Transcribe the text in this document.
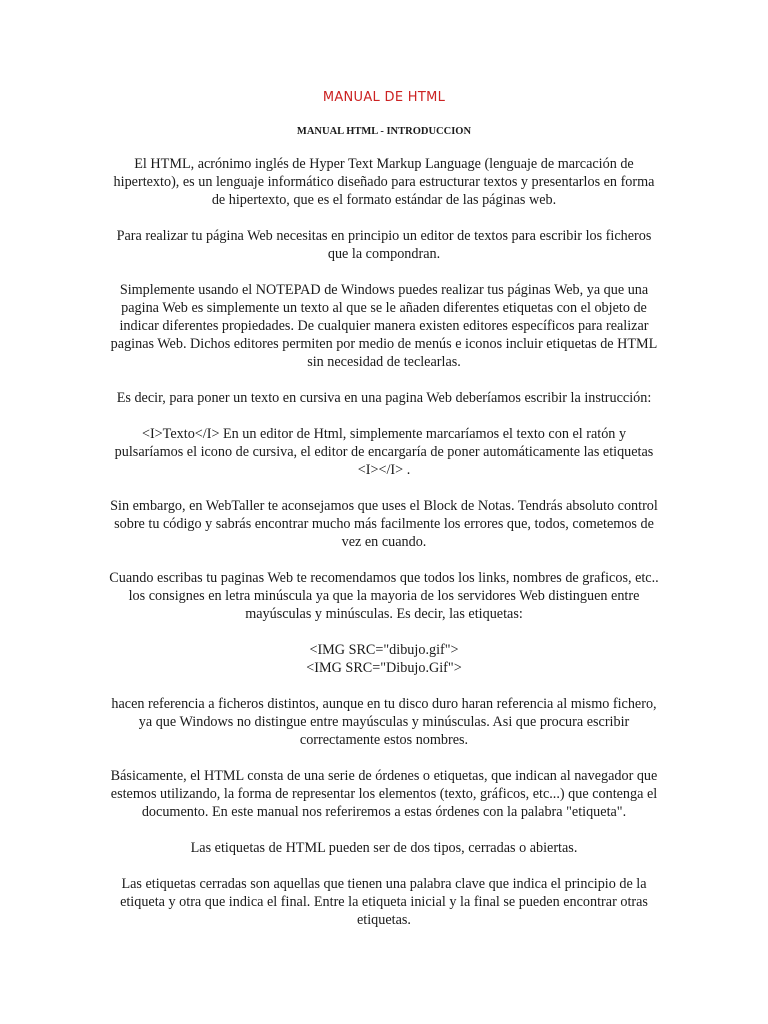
MANUAL DE HTML
MANUAL HTML - INTRODUCCION

El HTML, acrónimo inglés de Hyper Text Markup Language (lenguaje de marcación de hipertexto), es un lenguaje informático diseñado para estructurar textos y presentarlos en forma de hipertexto, que es el formato estándar de las páginas web.

Para realizar tu página Web necesitas en principio un editor de textos para escribir los ficheros que la compondran.

Simplemente usando el NOTEPAD de Windows puedes realizar tus páginas Web, ya que una pagina Web es simplemente un texto al que se le añaden diferentes etiquetas con el objeto de indicar diferentes propiedades. De cualquier manera existen editores específicos para realizar paginas Web. Dichos editores permiten por medio de menús e iconos incluir etiquetas de HTML sin necesidad de teclearlas.

Es decir, para poner un texto en cursiva en una pagina Web deberíamos escribir la instrucción:

<I>Texto</I> En un editor de Html, simplemente marcaríamos el texto con el ratón y pulsaríamos el icono de cursiva, el editor de encargaría de poner automáticamente las etiquetas <I></I> .

Sin embargo, en WebTaller te aconsejamos que uses el Block de Notas. Tendrás absoluto control sobre tu código y sabrás encontrar mucho más facilmente los errores que, todos, cometemos de vez en cuando.

Cuando escribas tu paginas Web te recomendamos que todos los links, nombres de graficos, etc.. los consignes en letra minúscula ya que la mayoria de los servidores Web distinguen entre mayúsculas y minúsculas. Es decir, las etiquetas:

<IMG SRC="dibujo.gif">

<IMG SRC="Dibujo.Gif">

hacen referencia a ficheros distintos, aunque en tu disco duro haran referencia al mismo fichero, ya que Windows no distingue entre mayúsculas y minúsculas. Asi que procura escribir correctamente estos nombres.

Básicamente, el HTML consta de una serie de órdenes o etiquetas, que indican al navegador que estemos utilizando, la forma de representar los elementos (texto, gráficos, etc...) que contenga el documento. En este manual nos referiremos a estas órdenes con la palabra "etiqueta".

Las etiquetas de HTML pueden ser de dos tipos, cerradas o abiertas.

Las etiquetas cerradas son aquellas que tienen una palabra clave que indica el principio de la etiqueta y otra que indica el final. Entre la etiqueta inicial y la final se pueden encontrar otras etiquetas.
